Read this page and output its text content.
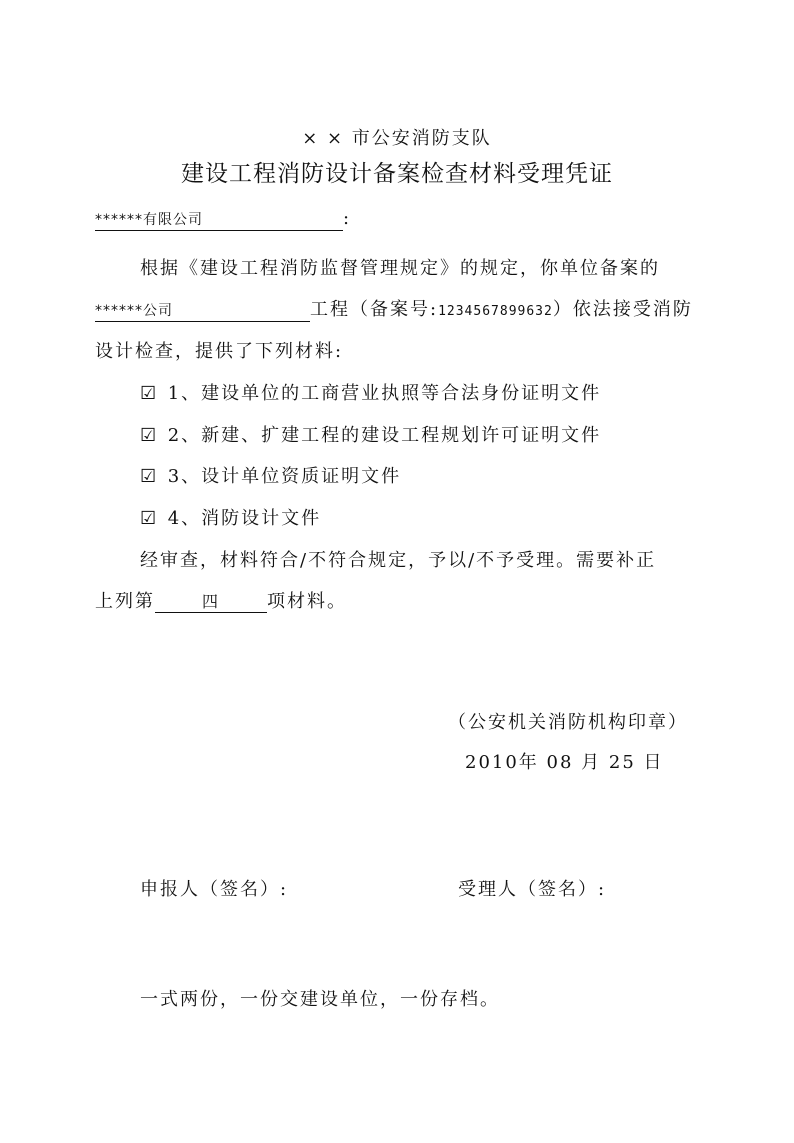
× × 市公安消防支队
建设工程消防设计备案检查材料受理凭证
******有限公司	:
根据《建设工程消防监督管理规定》的规定，你单位备案的
******公司	工程（备案号:1234567899632）依法接受消防
设计检查，提供了下列材料:
☑ 1、建设单位的工商营业执照等合法身份证明文件
☑ 2、新建、扩建工程的建设工程规划许可证明文件
☑ 3、设计单位资质证明文件
☑ 4、消防设计文件
经审查，材料符合/不符合规定，予以/不予受理。需要补正
上列第	四	项材料。
（公安机关消防机构印章）
2010年 08 月 25 日
申报人（签名）:	受理人（签名）:
一式两份，一份交建设单位，一份存档。
